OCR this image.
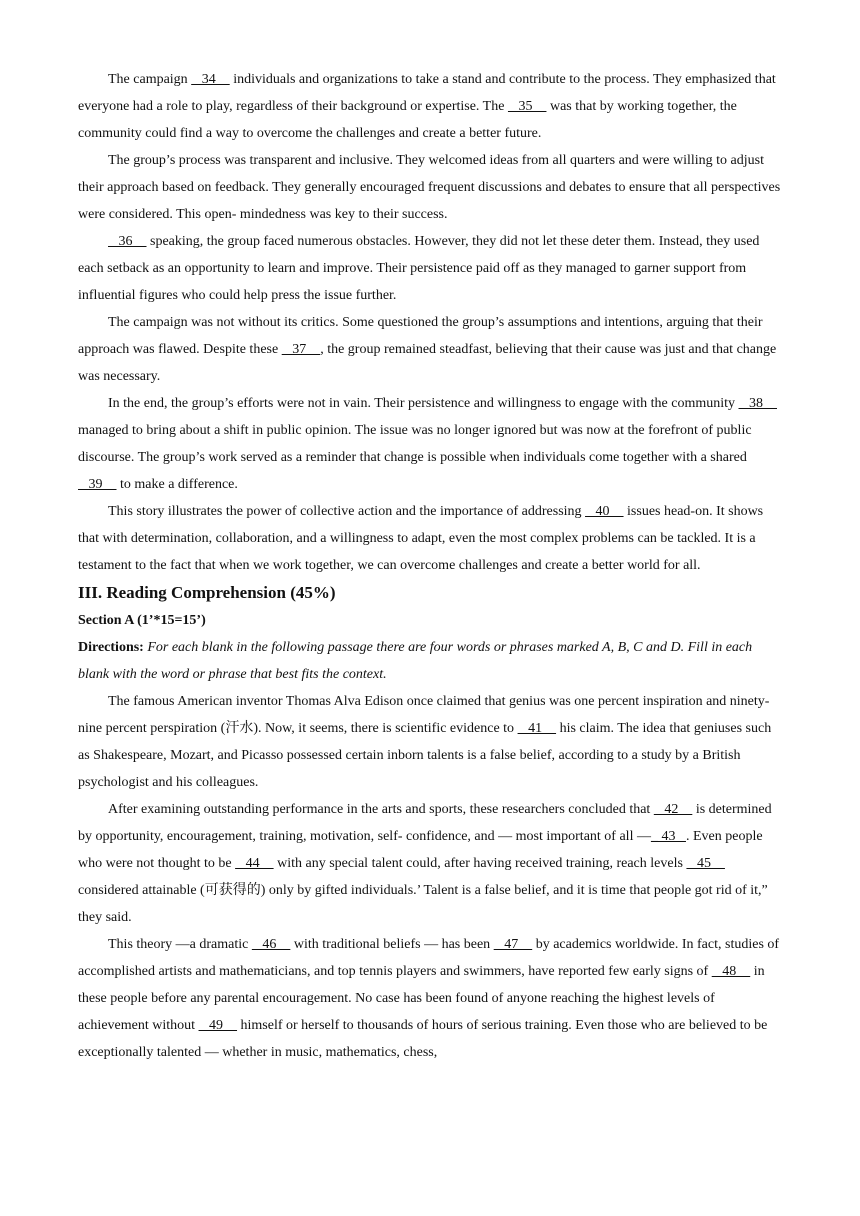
The campaign    34     individuals and organizations to take a stand and contribute to the process. They emphasized that everyone had a role to play, regardless of their background or expertise. The    35     was that by working together, the community could find a way to overcome the challenges and create a better future.

The group’s process was transparent and inclusive. They welcomed ideas from all quarters and were willing to adjust their approach based on feedback. They generally encouraged frequent discussions and debates to ensure that all perspectives were considered. This open- mindedness was key to their success.

36     speaking, the group faced numerous obstacles. However, they did not let these deter them. Instead, they used each setback as an opportunity to learn and improve. Their persistence paid off as they managed to garner support from influential figures who could help press the issue further.

The campaign was not without its critics. Some questioned the group’s assumptions and intentions, arguing that their approach was flawed. Despite these    37    , the group remained steadfast, believing that their cause was just and that change was necessary.

In the end, the group’s efforts were not in vain. Their persistence and willingness to engage with the community    38     managed to bring about a shift in public opinion. The issue was no longer ignored but was now at the forefront of public discourse. The group’s work served as a reminder that change is possible when individuals come together with a shared    39     to make a difference.

This story illustrates the power of collective action and the importance of addressing    40     issues head-on. It shows that with determination, collaboration, and a willingness to adapt, even the most complex problems can be tackled. It is a testament to the fact that when we work together, we can overcome challenges and create a better world for all.

III. Reading Comprehension (45%)

Section A (1’*15=15’)

Directions: For each blank in the following passage there are four words or phrases marked A, B, C and D. Fill in each blank with the word or phrase that best fits the context.

The famous American inventor Thomas Alva Edison once claimed that genius was one percent inspiration and ninety- nine percent perspiration (汗水). Now, it seems, there is scientific evidence to    41     his claim. The idea that geniuses such as Shakespeare, Mozart, and Picasso possessed certain inborn talents is a false belief, according to a study by a British psychologist and his colleagues.

After examining outstanding performance in the arts and sports, these researchers concluded that    42     is determined by opportunity, encouragement, training, motivation, self- confidence, and — most important of all —_ 43   . Even people who were not thought to be    44     with any special talent could, after having received training, reach levels    45     considered attainable (可获得的) only by gifted individuals.’ Talent is a false belief, and it is time that people got rid of it,” they said.

This theory —a dramatic    46     with traditional beliefs — has been    47     by academics worldwide. In fact, studies of accomplished artists and mathematicians, and top tennis players and swimmers, have reported few early signs of    48     in these people before any parental encouragement. No case has been found of anyone reaching the highest levels of achievement without    49     himself or herself to thousands of hours of serious training. Even those who are believed to be exceptionally talented — whether in music, mathematics, chess,
